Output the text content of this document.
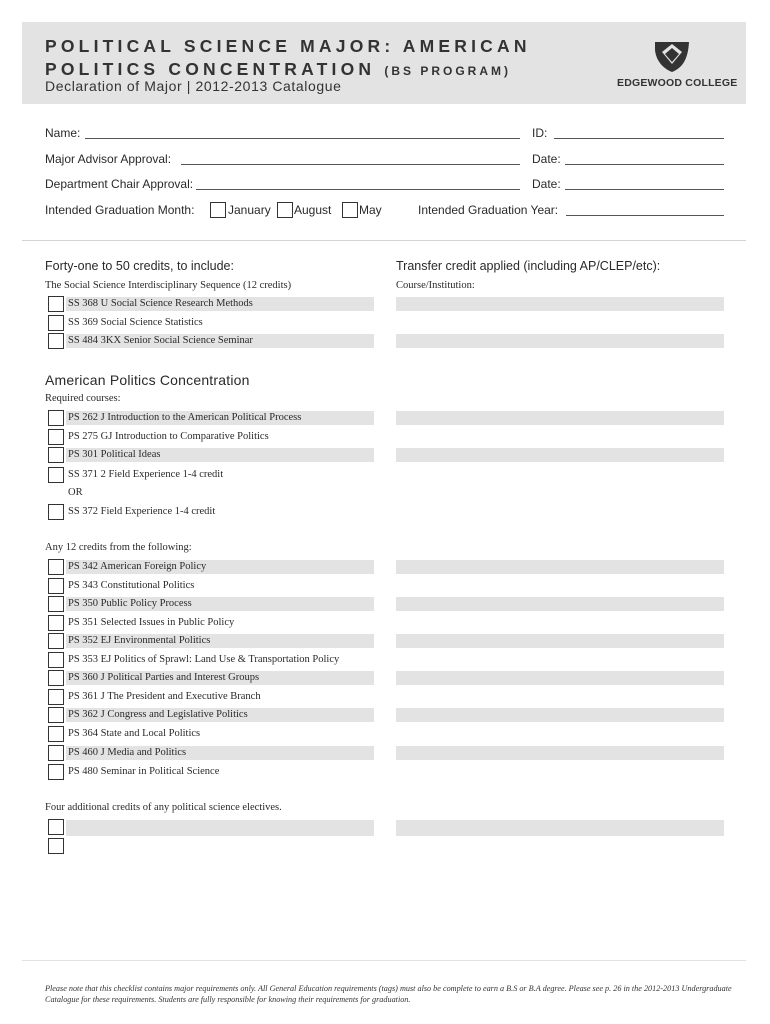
POLITICAL SCIENCE MAJOR: AMERICAN
POLITICS CONCENTRATION (BS PROGRAM)
Declaration of Major | 2012-2013 Catalogue	EDGEWOOD COLLEGE
Name:	ID:
Major Advisor Approval:	Date:
Department Chair Approval:	Date:
Intended Graduation Month:	January August May	Intended Graduation Year:
Forty-one to 50 credits, to include:	Transfer credit applied (including AP/CLEP/etc):
The Social Science Interdisciplinary Sequence (12 credits)	Course/Institution:
SS 368 U Social Science Research Methods
SS 369 Social Science Statistics
SS 484 3KX Senior Social Science Seminar
American Politics Concentration
Required courses:
PS 262 J Introduction to the American Political Process
PS 275 GJ Introduction to Comparative Politics
PS 301 Political Ideas
SS 371 2 Field Experience 1-4 credit
OR
SS 372 Field Experience 1-4 credit
Any 12 credits from the following:
PS 342 American Foreign Policy
PS 343 Constitutional Politics
PS 350 Public Policy Process
PS 351 Selected Issues in Public Policy
PS 352 EJ Environmental Politics
PS 353 EJ Politics of Sprawl: Land Use & Transportation Policy
PS 360 J Political Parties and Interest Groups
PS 361 J The President and Executive Branch
PS 362 J Congress and Legislative Politics
PS 364 State and Local Politics
PS 460 J Media and Politics
PS 480 Seminar in Political Science
Four additional credits of any political science electives.
Please note that this checklist contains major requirements only. All General Education requirements (tags) must also be complete to earn a B.S or B.A degree. Please see p. 26 in the 2012-2013 Undergraduate Catalogue for these requirements. Students are fully responsible for knowing their requirements for graduation.
